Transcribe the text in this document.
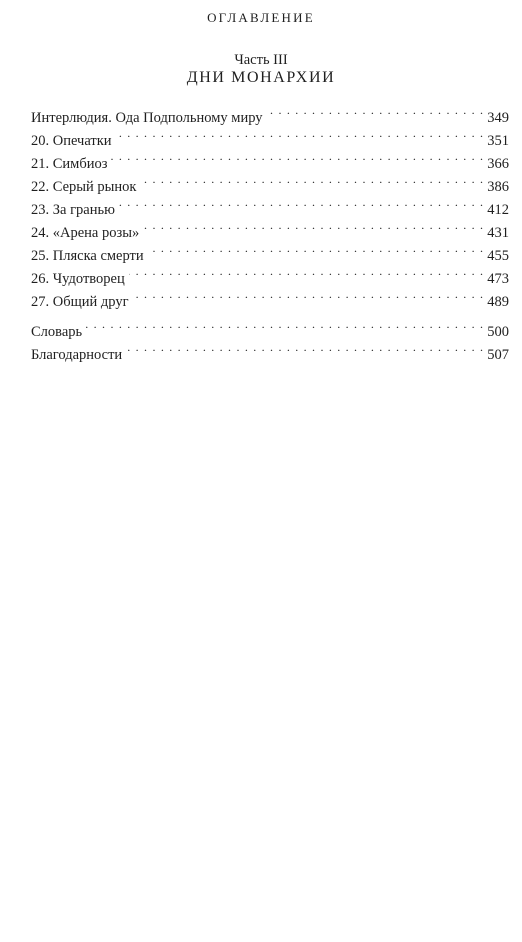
ОГЛАВЛЕНИЕ
Часть III
ДНИ МОНАРХИИ
Интерлюдия. Ода Подпольному миру . . .	349
20. Опечатки . . .	351
21. Симбиоз . . .	366
22. Серый рынок . . .	386
23. За гранью . . .	412
24. «Арена розы» . . .	431
25. Пляска смерти . . .	455
26. Чудотворец . . .	473
27. Общий друг . . .	489
Словарь . . .	500
Благодарности . . .	507
